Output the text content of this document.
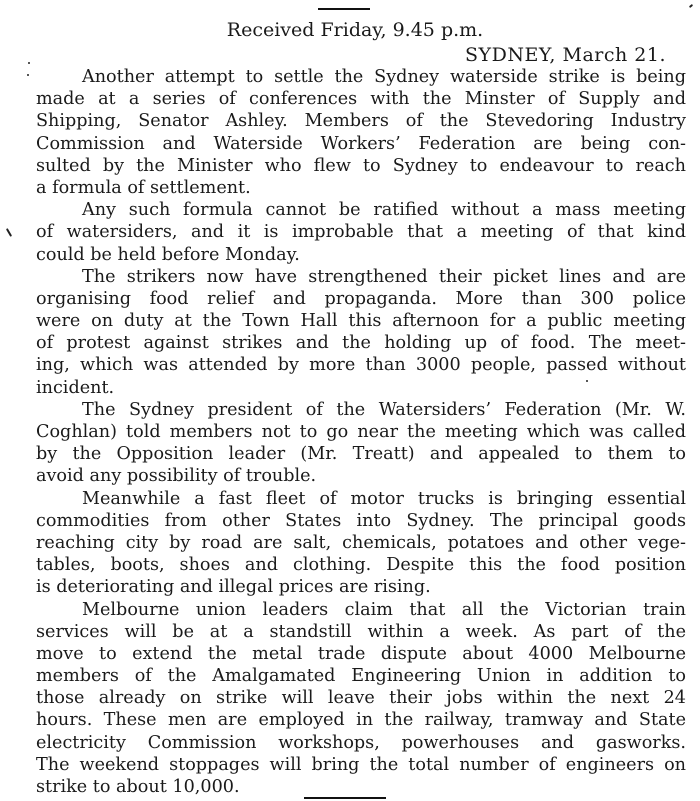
Received Friday, 9.45 p.m.
SYDNEY, March 21.
Another attempt to settle the Sydney waterside strike is being
made at a series of conferences with the Minster of Supply and
Shipping, Senator Ashley. Members of the Stevedoring Industry
Commission and Waterside Workers’ Federation are being con-
sulted by the Minister who flew to Sydney to endeavour to reach
a formula of settlement.
Any such formula cannot be ratified without a mass meeting
of watersiders, and it is improbable that a meeting of that kind
could be held before Monday.
The strikers now have strengthened their picket lines and are
organising food relief and propaganda. More than 300 police
were on duty at the Town Hall this afternoon for a public meeting
of protest against strikes and the holding up of food. The meet-
ing, which was attended by more than 3000 people, passed without
incident.
The Sydney president of the Watersiders’ Federation (Mr. W.
Coghlan) told members not to go near the meeting which was called
by the Opposition leader (Mr. Treatt) and appealed to them to
avoid any possibility of trouble.
Meanwhile a fast fleet of motor trucks is bringing essential
commodities from other States into Sydney. The principal goods
reaching city by road are salt, chemicals, potatoes and other vege-
tables, boots, shoes and clothing. Despite this the food position
is deteriorating and illegal prices are rising.
Melbourne union leaders claim that all the Victorian train
services will be at a standstill within a week. As part of the
move to extend the metal trade dispute about 4000 Melbourne
members of the Amalgamated Engineering Union in addition to
those already on strike will leave their jobs within the next 24
hours. These men are employed in the railway, tramway and State
electricity Commission workshops, powerhouses and gasworks.
The weekend stoppages will bring the total number of engineers on
strike to about 10,000.
